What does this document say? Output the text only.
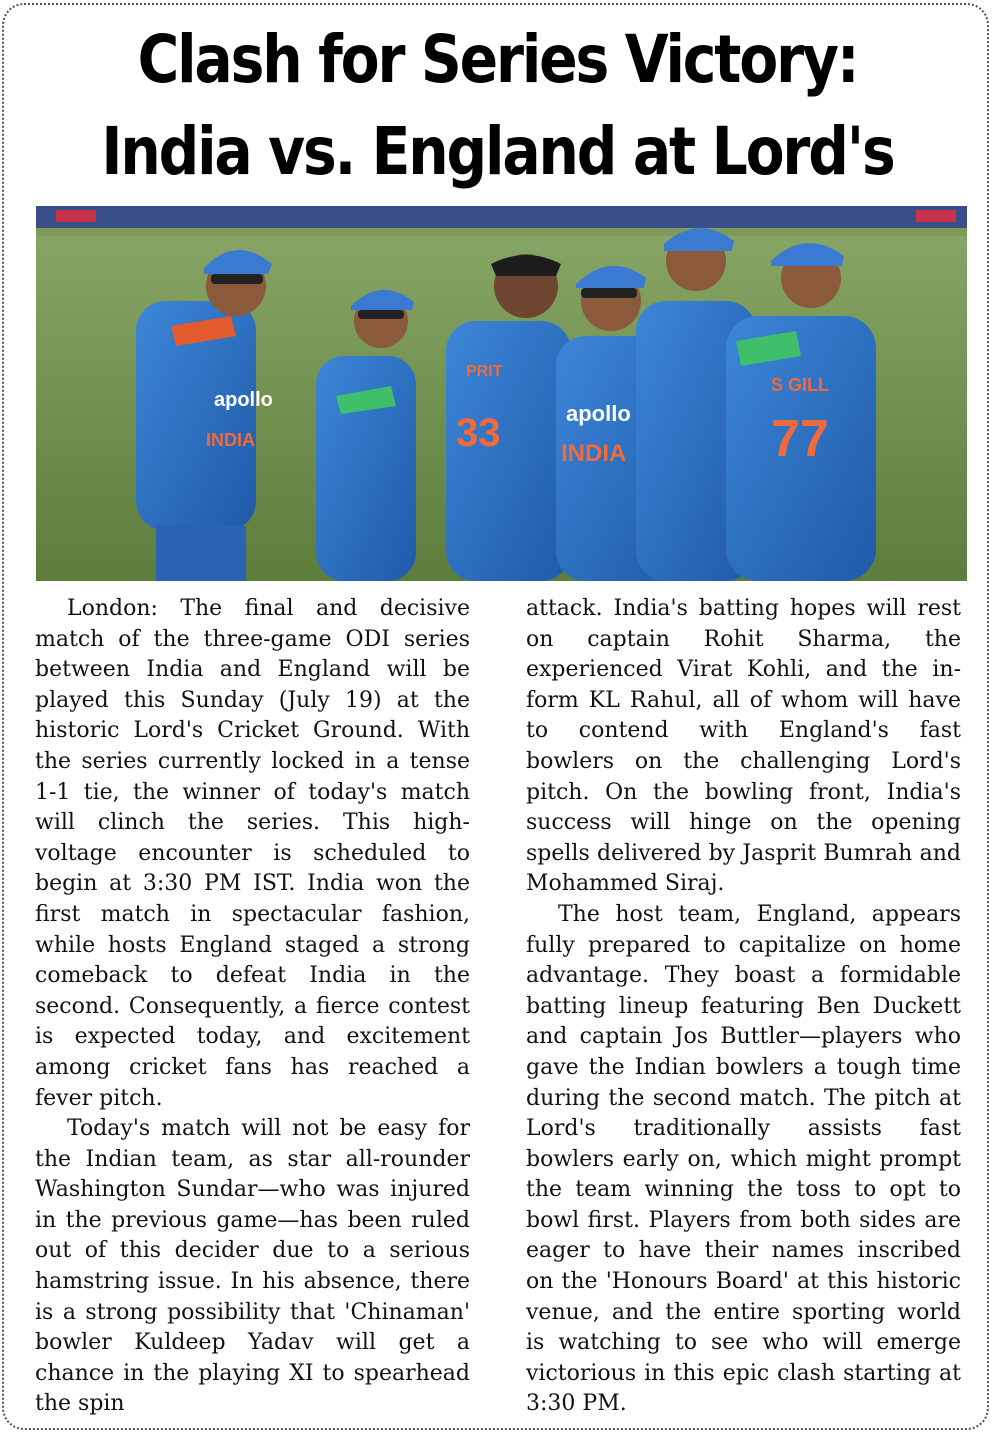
Clash for Series Victory: India vs. England at Lord's
apollo
INDIA	33
PRIT
apollo
INDIA
S GILL
77

London: The final and decisive match of the three-game ODI series between India and England will be played this Sunday (July 19) at the historic Lord's Cricket Ground. With the series currently locked in a tense 1-1 tie, the winner of today's match will clinch the series. This high-voltage encounter is scheduled to begin at 3:30 PM IST. India won the first match in spectacular fashion, while hosts England staged a strong comeback to defeat India in the second. Consequently, a fierce contest is expected today, and excitement among cricket fans has reached a fever pitch.

Today's match will not be easy for the Indian team, as star all-rounder Washington Sundar—who was injured in the previous game—has been ruled out of this decider due to a serious hamstring issue. In his absence, there is a strong possibility that 'Chinaman' bowler Kuldeep Yadav will get a chance in the playing XI to spearhead the spin

attack. India's batting hopes will rest on captain Rohit Sharma, the experienced Virat Kohli, and the in-form KL Rahul, all of whom will have to contend with England's fast bowlers on the challenging Lord's pitch. On the bowling front, India's success will hinge on the opening spells delivered by Jasprit Bumrah and Mohammed Siraj.

The host team, England, appears fully prepared to capitalize on home advantage. They boast a formidable batting lineup featuring Ben Duckett and captain Jos Buttler—players who gave the Indian bowlers a tough time during the second match. The pitch at Lord's traditionally assists fast bowlers early on, which might prompt the team winning the toss to opt to bowl first. Players from both sides are eager to have their names inscribed on the 'Honours Board' at this historic venue, and the entire sporting world is watching to see who will emerge victorious in this epic clash starting at 3:30 PM.
